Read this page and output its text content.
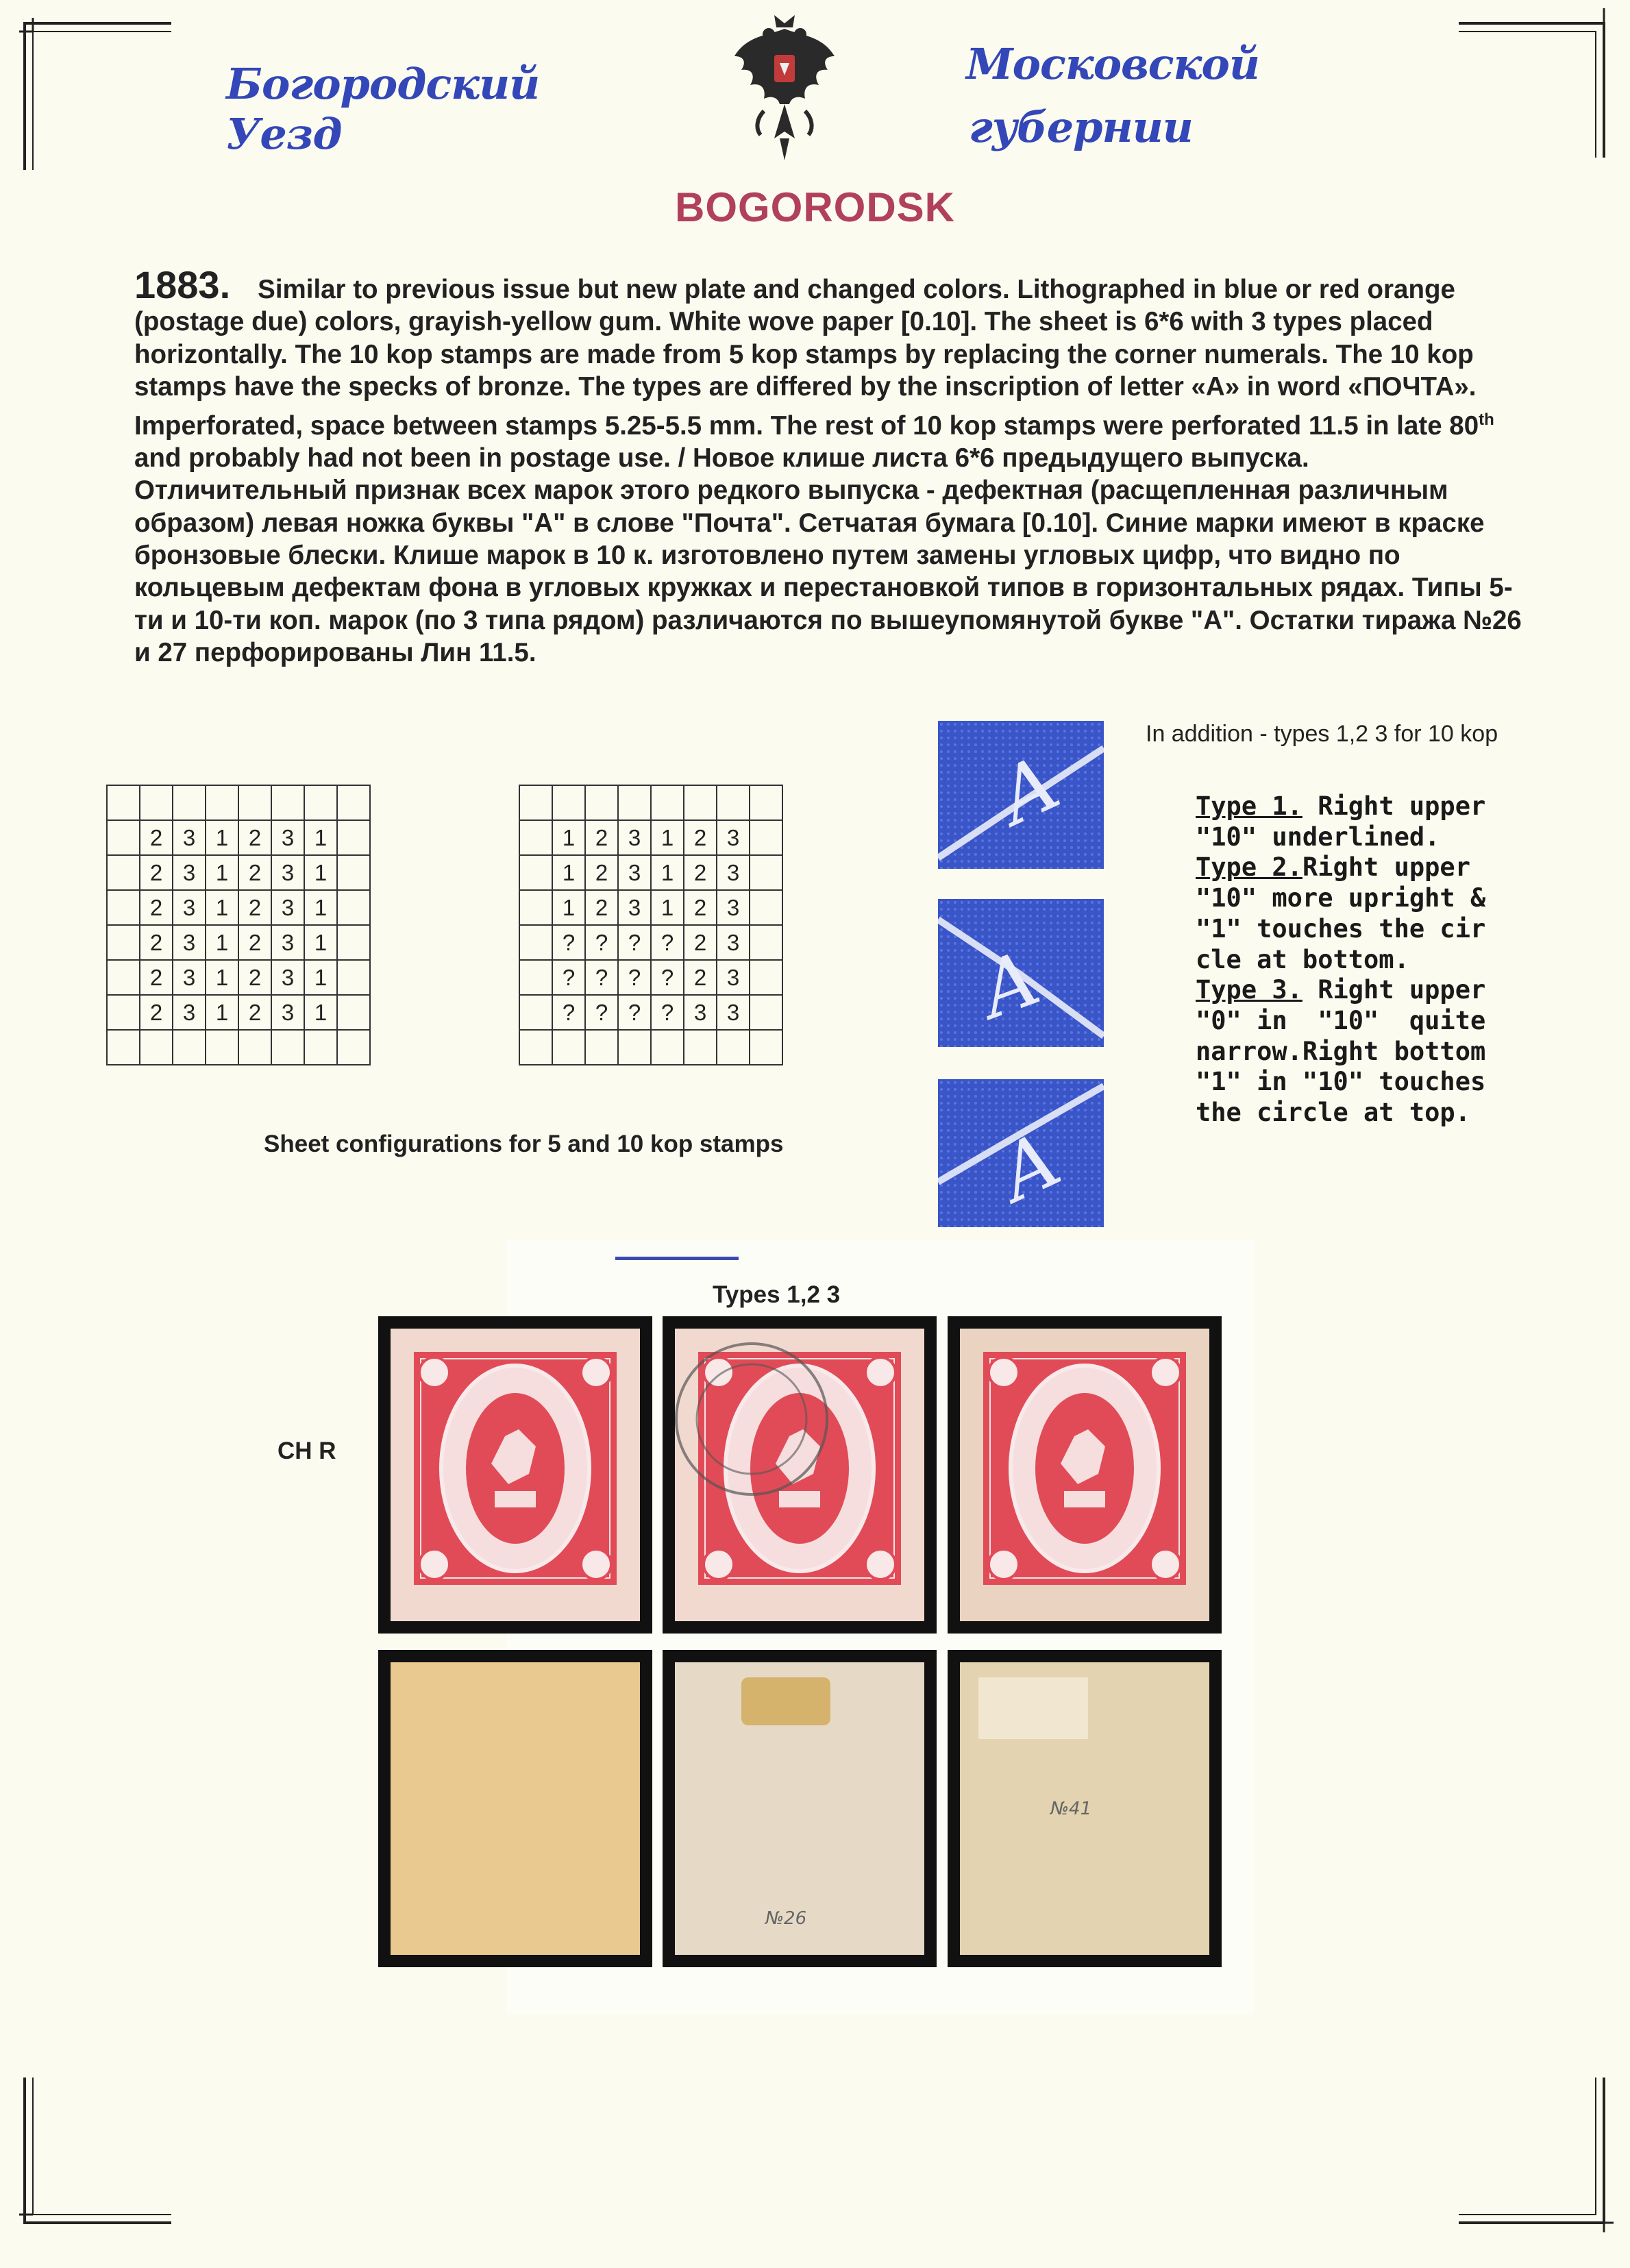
Богородский Уезд
Московской
губернии
BOGORODSK
1883. Similar to previous issue but new plate and changed colors. Lithographed in blue or red orange (postage due) colors, grayish-yellow gum. White wove paper [0.10]. The sheet is 6*6 with 3 types placed horizontally. The 10 kop stamps are made from 5 kop stamps by replacing the corner numerals. The 10 kop stamps have the specks of bronze. The types are differed by the inscription of letter «A» in word «ПОЧТА». Imperforated, space between stamps 5.25-5.5 mm. The rest of 10 kop stamps were perforated 11.5 in late 80th and probably had not been in postage use. / Новое клише листа 6*6 предыдущего выпуска. Отличительный признак всех марок этого редкого выпуска - дефектная (расщепленная различным образом) левая ножка буквы "А" в слове "Почта". Сетчатая бумага [0.10]. Синие марки имеют в краске бронзовые блески. Клише марок в 10 к. изготовлено путем замены угловых цифр, что видно по кольцевым дефектам фона в угловых кружках и перестановкой типов в горизонтальных рядах. Типы 5-ти и 10-ти коп. марок (по 3 типа рядом) различаются по вышеупомянутой букве "А". Остатки тиража №26 и 27 перфорированы Лин 11.5.

	2	3	1	2	3	1	
	2	3	1	2	3	1	
	2	3	1	2	3	1	
	2	3	1	2	3	1	
	2	3	1	2	3	1	
	2	3	1	2	3	1	

	1	2	3	1	2	3	
	1	2	3	1	2	3	
	1	2	3	1	2	3	
	?	?	?	?	2	3	
	?	?	?	?	2	3	
	?	?	?	?	3	3	

Sheet configurations for 5 and 10 kop stamps
A
A
A
In addition - types 1,2 3 for 10 kop
Type 1. Right upper
"10" underlined.
Type 2.Right upper
"10" more upright &
"1" touches the cir
cle at bottom.
Type 3. Right upper
"0" in  "10"  quite
narrow.Right bottom
"1" in "10" touches
the circle at top.
Types 1,2 3
CH R
№26
№41
